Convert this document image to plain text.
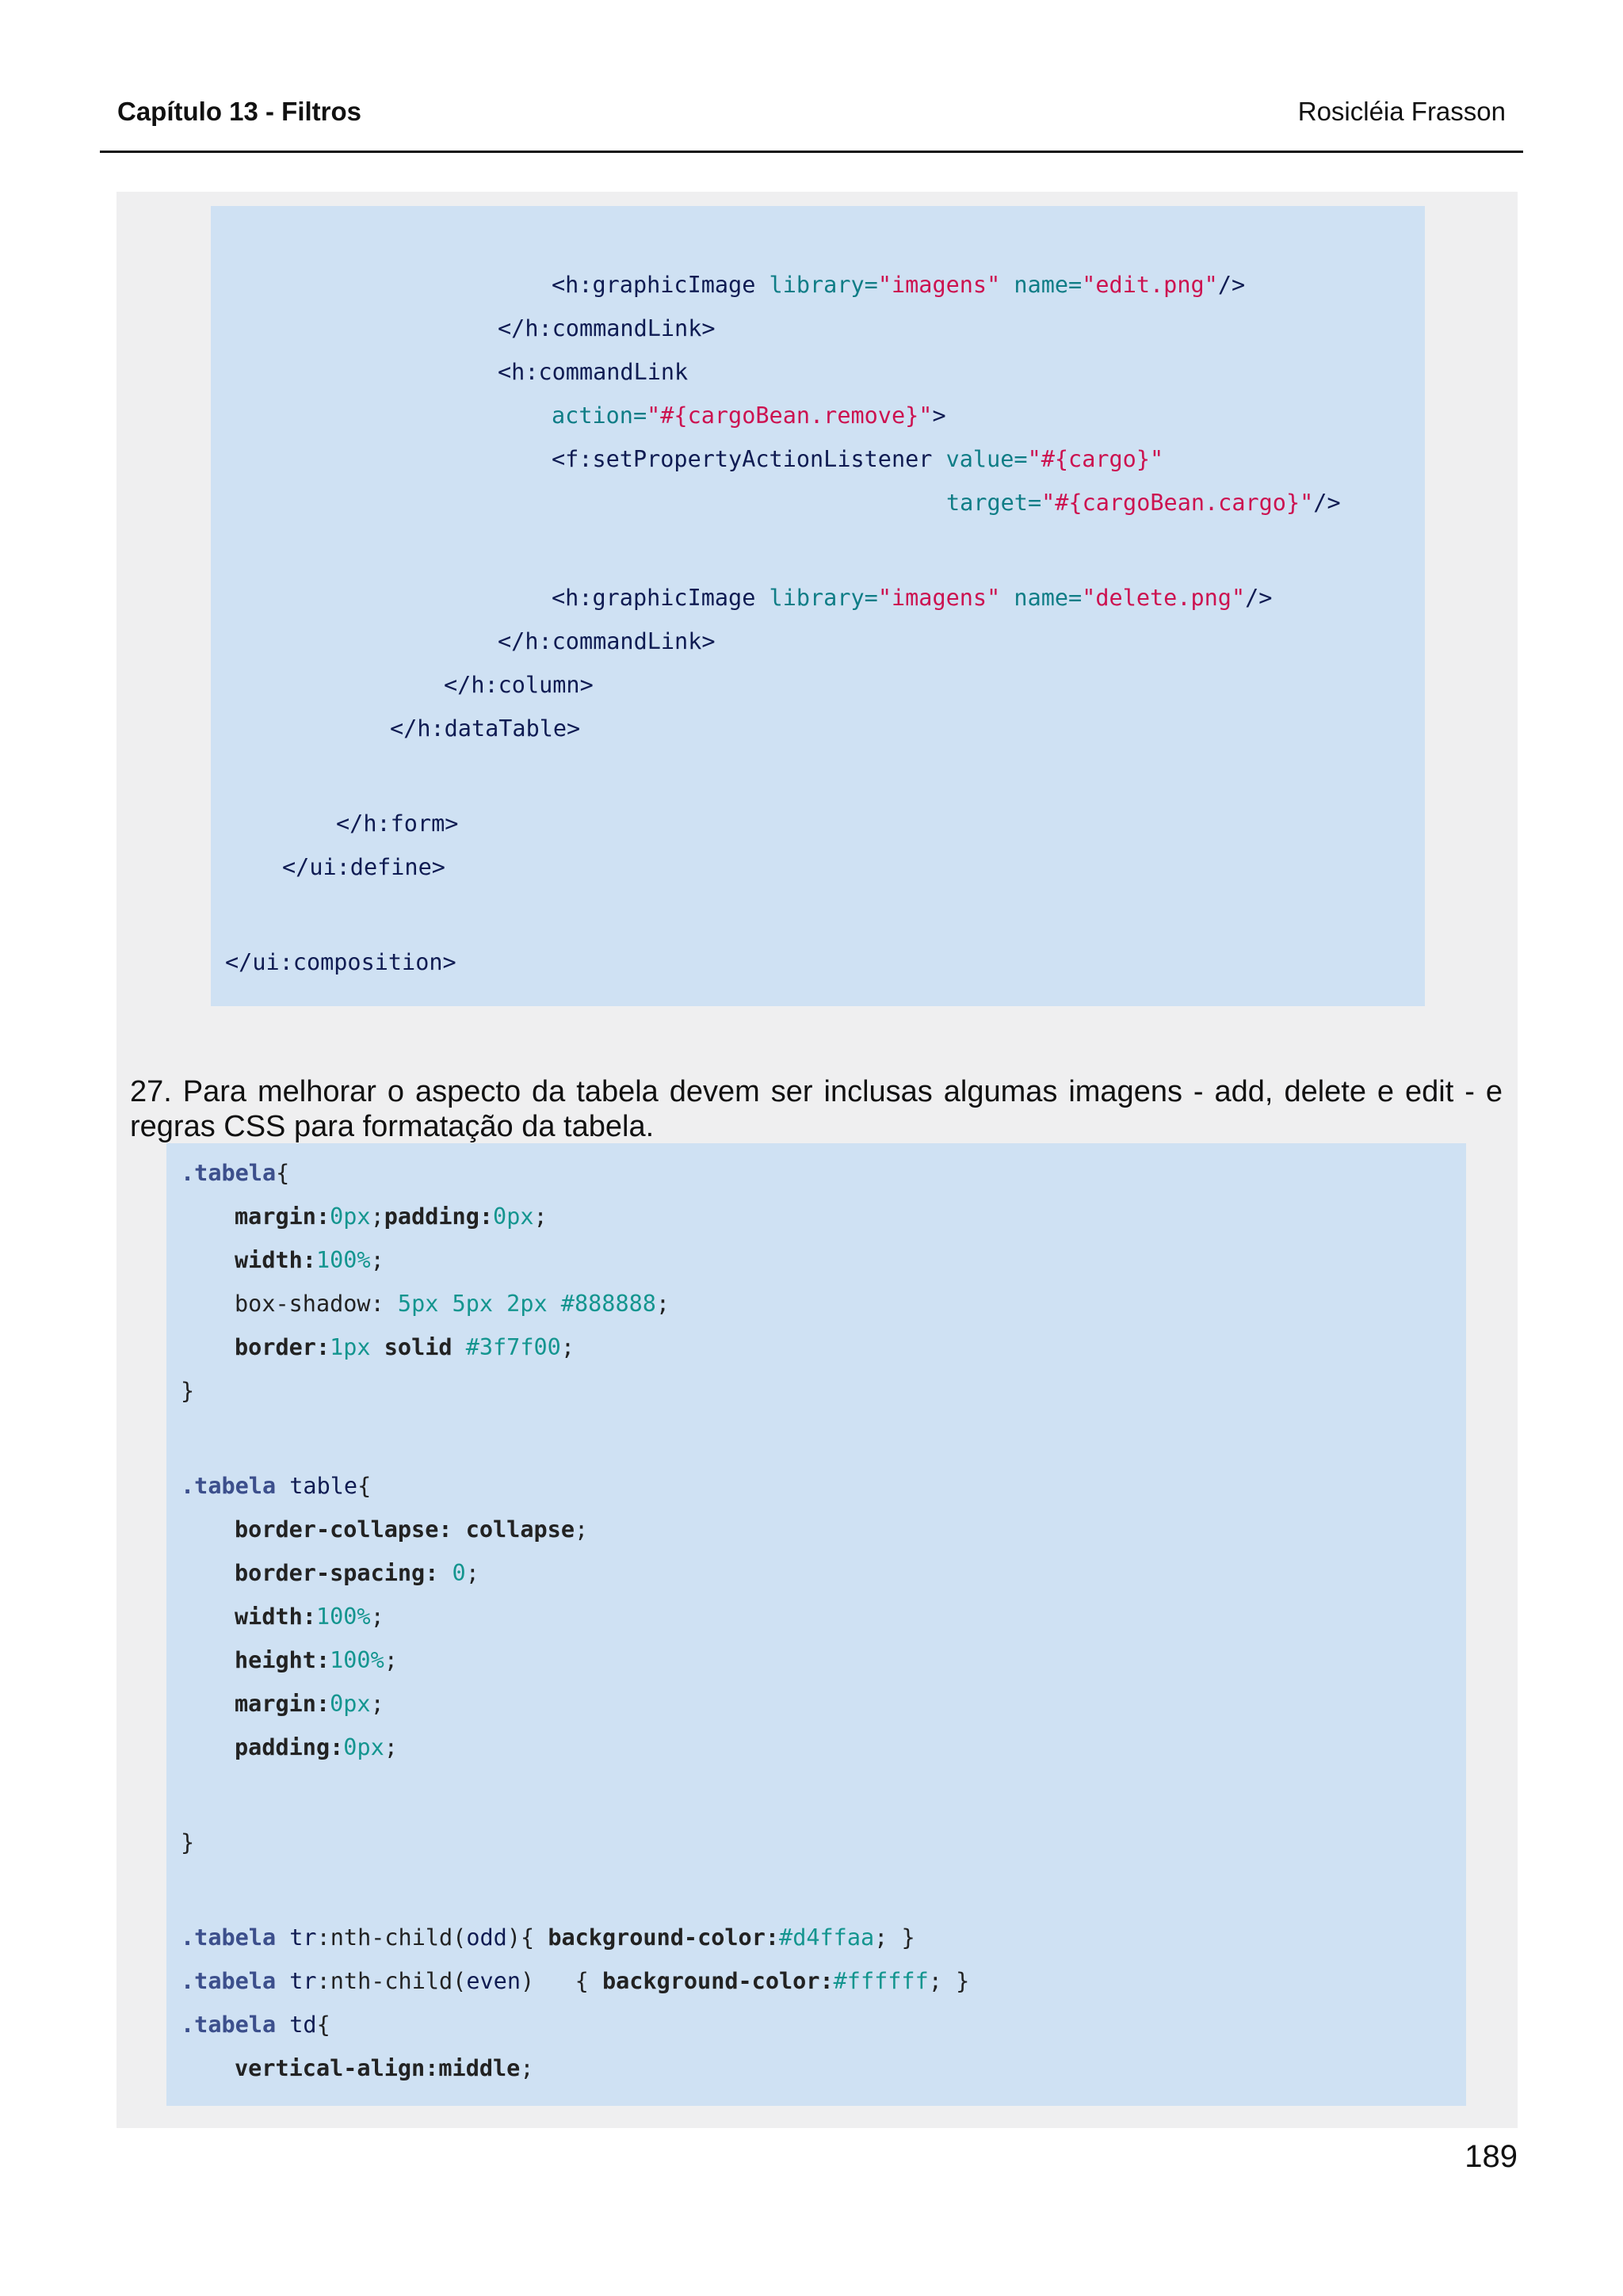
Capítulo 13 - Filtros	Rosicléia Frasson
<h:graphicImage library="imagens" name="edit.png"/>
</h:commandLink>
<h:commandLink
action="#{cargoBean.remove}">
<f:setPropertyActionListener value="#{cargo}"
target="#{cargoBean.cargo}"/>
<h:graphicImage library="imagens" name="delete.png"/>
</h:commandLink>
</h:column>
</h:dataTable>
</h:form>
</ui:define>
</ui:composition>
27. Para melhorar o aspecto da tabela devem ser inclusas algumas imagens - add, delete e edit - e regras CSS para formatação da tabela.
.tabela{
margin:0px;padding:0px;
width:100%;
box-shadow: 5px 5px 2px #888888;
border:1px solid #3f7f00;
}
.tabela table{
border-collapse: collapse;
border-spacing: 0;
width:100%;
height:100%;
margin:0px;
padding:0px;
}
.tabela tr:nth-child(odd){ background-color:#d4ffaa; }
.tabela tr:nth-child(even)   { background-color:#ffffff; }
.tabela td{
vertical-align:middle;
189
